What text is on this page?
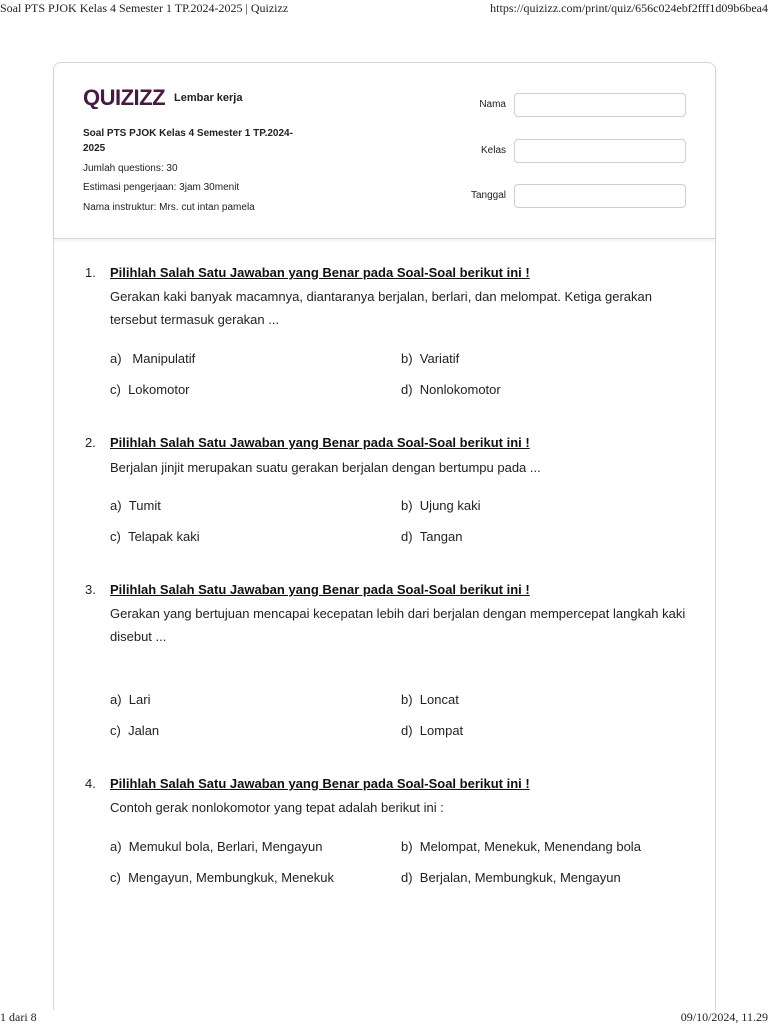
Soal PTS PJOK Kelas 4 Semester 1 TP.2024-2025 | Quizizz	https://quizizz.com/print/quiz/656c024ebf2fff1d09b6bea4
QUIZIZZ Lembar kerja
Soal PTS PJOK Kelas 4 Semester 1 TP.2024-2025
Jumlah questions: 30
Estimasi pengerjaan: 3jam 30menit
Nama instruktur: Mrs. cut intan pamela
Nama
Kelas
Tanggal
1. Pilihlah Salah Satu Jawaban yang Benar pada Soal-Soal berikut ini !
Gerakan kaki banyak macamnya, diantaranya berjalan, berlari, dan melompat. Ketiga gerakan tersebut termasuk gerakan ...
a) Manipulatif	b) Variatif
c) Lokomotor	d) Nonlokomotor
2. Pilihlah Salah Satu Jawaban yang Benar pada Soal-Soal berikut ini !
Berjalan jinjit merupakan suatu gerakan berjalan dengan bertumpu pada ...
a) Tumit	b) Ujung kaki
c) Telapak kaki	d) Tangan
3. Pilihlah Salah Satu Jawaban yang Benar pada Soal-Soal berikut ini !
Gerakan yang bertujuan mencapai kecepatan lebih dari berjalan dengan mempercepat langkah kaki disebut ...
a) Lari	b) Loncat
c) Jalan	d) Lompat
4. Pilihlah Salah Satu Jawaban yang Benar pada Soal-Soal berikut ini !
Contoh gerak nonlokomotor yang tepat adalah berikut ini :
a) Memukul bola, Berlari, Mengayun	b) Melompat, Menekuk, Menendang bola
c) Mengayun, Membungkuk, Menekuk	d) Berjalan, Membungkuk, Mengayun
1 dari 8	09/10/2024, 11.29
